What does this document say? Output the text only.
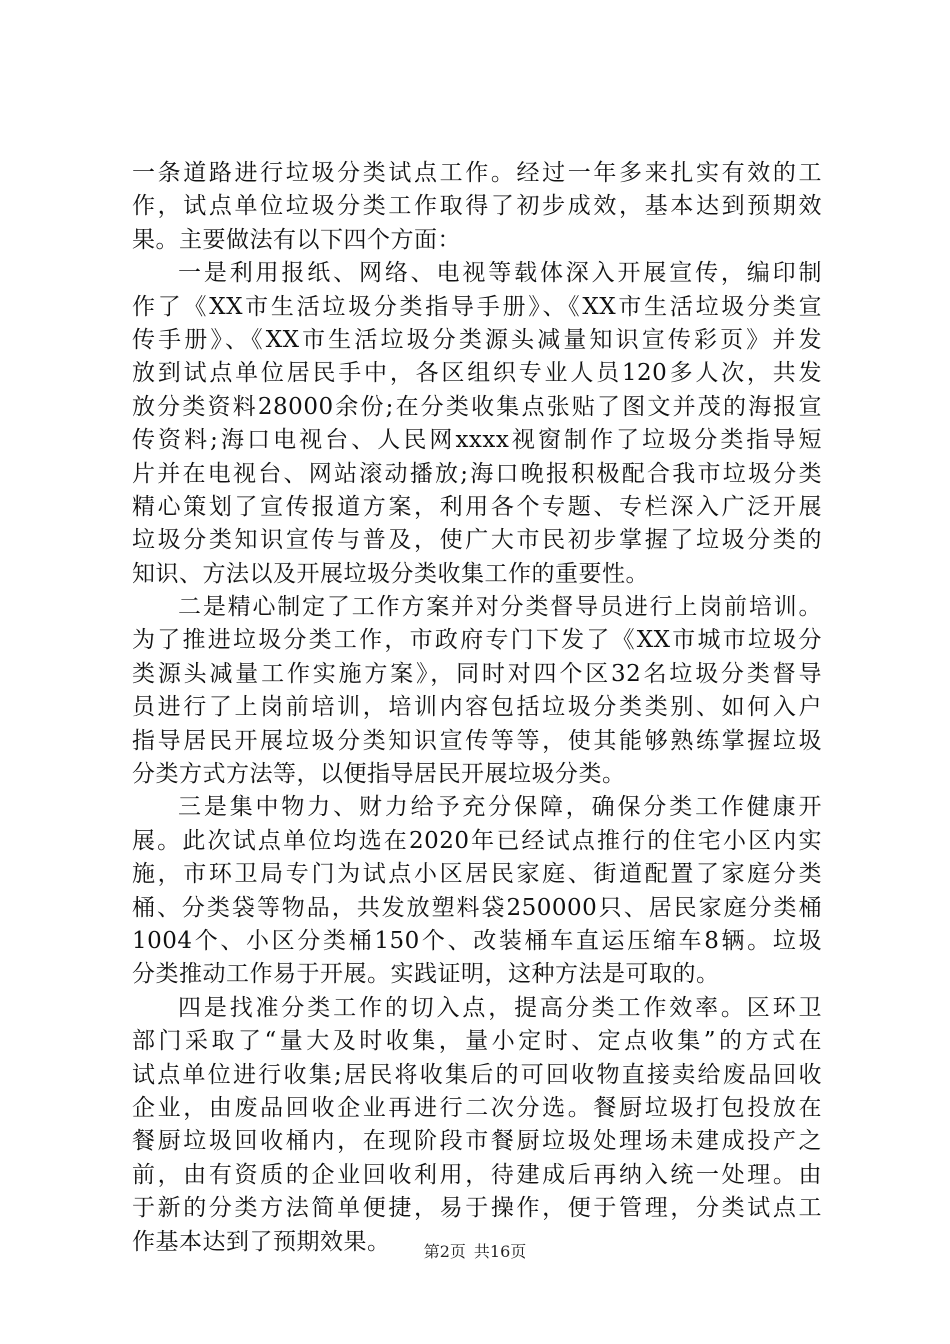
一条道路进行垃圾分类试点工作。经过一年多来扎实有效的工
作，试点单位垃圾分类工作取得了初步成效，基本达到预期效
果。主要做法有以下四个方面：
一是利用报纸、网络、电视等载体深入开展宣传，编印制
作了《XX市生活垃圾分类指导手册》、《XX市生活垃圾分类宣
传手册》、《XX市生活垃圾分类源头减量知识宣传彩页》并发
放到试点单位居民手中，各区组织专业人员120多人次，共发
放分类资料28000余份;在分类收集点张贴了图文并茂的海报宣
传资料;海口电视台、人民网xxxx视窗制作了垃圾分类指导短
片并在电视台、网站滚动播放;海口晚报积极配合我市垃圾分类
精心策划了宣传报道方案，利用各个专题、专栏深入广泛开展
垃圾分类知识宣传与普及，使广大市民初步掌握了垃圾分类的
知识、方法以及开展垃圾分类收集工作的重要性。
二是精心制定了工作方案并对分类督导员进行上岗前培训。
为了推进垃圾分类工作，市政府专门下发了《XX市城市垃圾分
类源头减量工作实施方案》，同时对四个区32名垃圾分类督导
员进行了上岗前培训，培训内容包括垃圾分类类别、如何入户
指导居民开展垃圾分类知识宣传等等，使其能够熟练掌握垃圾
分类方式方法等，以便指导居民开展垃圾分类。
三是集中物力、财力给予充分保障，确保分类工作健康开
展。此次试点单位均选在2020年已经试点推行的住宅小区内实
施，市环卫局专门为试点小区居民家庭、街道配置了家庭分类
桶、分类袋等物品，共发放塑料袋250000只、居民家庭分类桶
1004个、小区分类桶150个、改装桶车直运压缩车8辆。垃圾
分类推动工作易于开展。实践证明，这种方法是可取的。
四是找准分类工作的切入点，提高分类工作效率。区环卫
部门采取了“量大及时收集，量小定时、定点收集”的方式在
试点单位进行收集;居民将收集后的可回收物直接卖给废品回收
企业，由废品回收企业再进行二次分选。餐厨垃圾打包投放在
餐厨垃圾回收桶内，在现阶段市餐厨垃圾处理场未建成投产之
前，由有资质的企业回收利用，待建成后再纳入统一处理。由
于新的分类方法简单便捷，易于操作，便于管理，分类试点工
作基本达到了预期效果。	第2页 共16页
